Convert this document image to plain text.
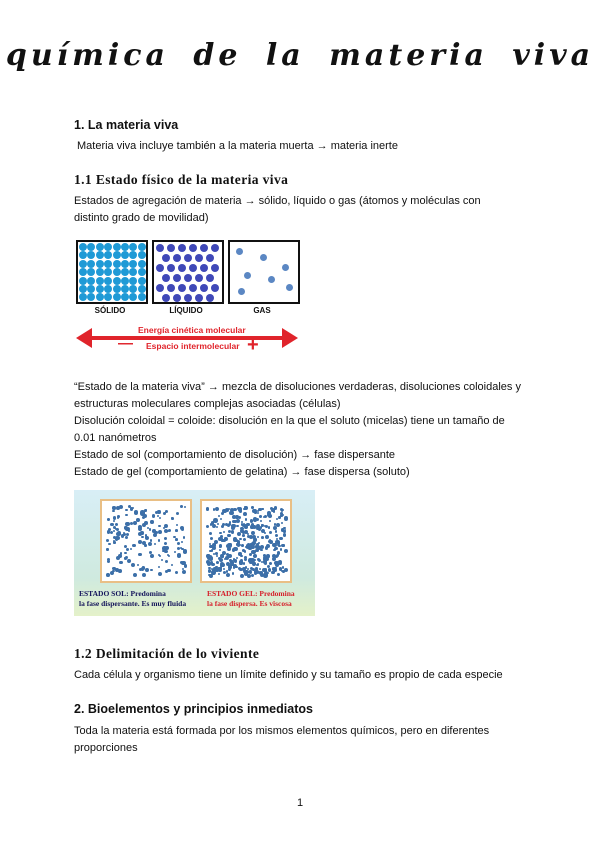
química de la materia viva
1. La materia viva
Materia viva incluye también a la materia muerta → materia inerte
1.1 Estado físico de la materia viva
Estados de agregación de materia → sólido, líquido o gas (átomos y moléculas con distinto grado de movilidad)
SÓLIDO	LÍQUIDO	GAS
Energía cinética molecular
Espacio intermolecular
—	+
“Estado de la materia viva” → mezcla de disoluciones verdaderas, disoluciones coloidales y estructuras moleculares complejas asociadas (células)
Disolución coloidal = coloide: disolución en la que el soluto (micelas) tiene un tamaño de 0.01 nanómetros
Estado de sol (comportamiento de disolución) → fase dispersante
Estado de gel (comportamiento de gelatina) → fase dispersa (soluto)
ESTADO SOL: Predomina
la fase dispersante. Es muy fluida
ESTADO GEL: Predomina
la fase dispersa. Es viscosa
1.2 Delimitación de lo viviente
Cada célula y organismo tiene un límite definido y su tamaño es propio de cada especie
2. Bioelementos y principios inmediatos
Toda la materia está formada por los mismos elementos químicos, pero en diferentes proporciones
1
